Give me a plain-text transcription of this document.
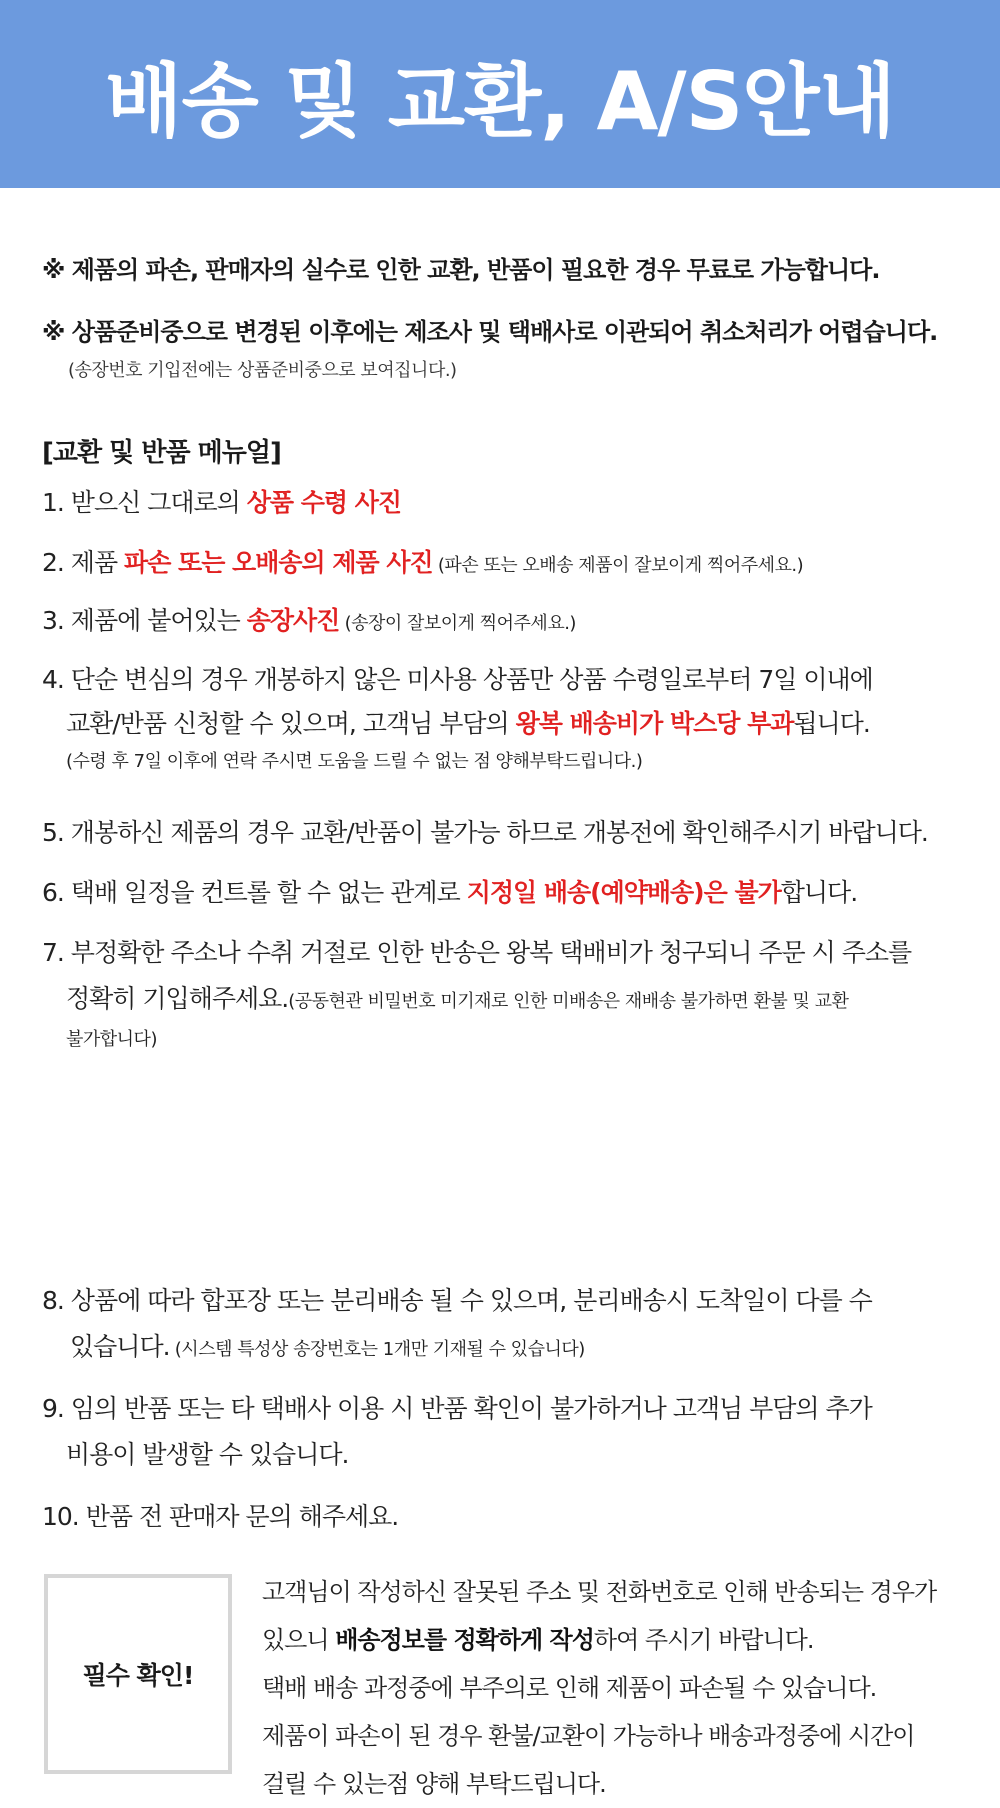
배송 및 교환, A/S안내
※ 제품의 파손, 판매자의 실수로 인한 교환, 반품이 필요한 경우 무료로 가능합니다.
※ 상품준비중으로 변경된 이후에는 제조사 및 택배사로 이관되어 취소처리가 어렵습니다.
(송장번호 기입전에는 상품준비중으로 보여집니다.)
[교환 및 반품 메뉴얼]
1. 받으신 그대로의 상품 수령 사진
2. 제품 파손 또는 오배송의 제품 사진 (파손 또는 오배송 제품이 잘보이게 찍어주세요.)
3. 제품에 붙어있는 송장사진 (송장이 잘보이게 찍어주세요.)
4. 단순 변심의 경우 개봉하지 않은 미사용 상품만 상품 수령일로부터 7일 이내에
교환/반품 신청할 수 있으며, 고객님 부담의 왕복 배송비가 박스당 부과됩니다.
(수령 후 7일 이후에 연락 주시면 도움을 드릴 수 없는 점 양해부탁드립니다.)
5. 개봉하신 제품의 경우 교환/반품이 불가능 하므로 개봉전에 확인해주시기 바랍니다.
6. 택배 일정을 컨트롤 할 수 없는 관계로 지정일 배송(예약배송)은 불가합니다.
7. 부정확한 주소나 수취 거절로 인한 반송은 왕복 택배비가 청구되니 주문 시 주소를
정확히 기입해주세요.(공동현관 비밀번호 미기재로 인한 미배송은 재배송 불가하면 환불 및 교환
불가합니다)
8. 상품에 따라 합포장 또는 분리배송 될 수 있으며, 분리배송시 도착일이 다를 수
있습니다. (시스템 특성상 송장번호는 1개만 기재될 수 있습니다)
9. 임의 반품 또는 타 택배사 이용 시 반품 확인이 불가하거나 고객님 부담의 추가
비용이 발생할 수 있습니다.
10. 반품 전 판매자 문의 해주세요.
필수 확인!
고객님이 작성하신 잘못된 주소 및 전화번호로 인해 반송되는 경우가
있으니 배송정보를 정확하게 작성하여 주시기 바랍니다.
택배 배송 과정중에 부주의로 인해 제품이 파손될 수 있습니다.
제품이 파손이 된 경우 환불/교환이 가능하나 배송과정중에 시간이
걸릴 수 있는점 양해 부탁드립니다.
